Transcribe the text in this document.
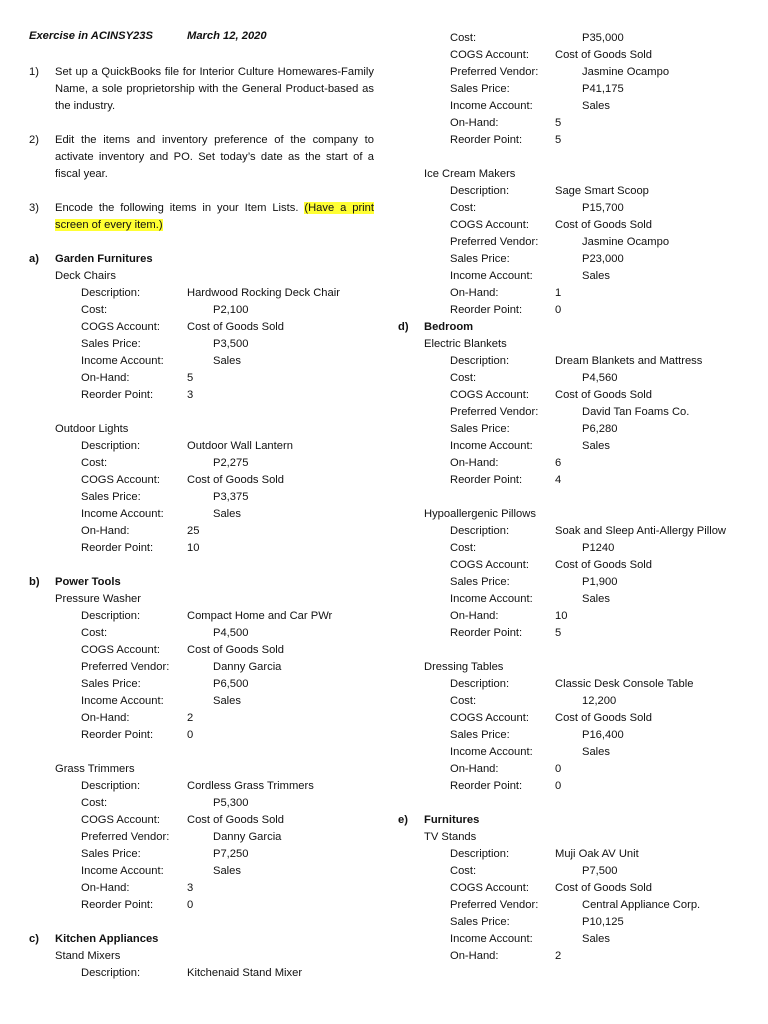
Exercise in ACINSY23S	March 12, 2020
1) Set up a QuickBooks file for Interior Culture Homewares-Family Name, a sole proprietorship with the General Product-based as the industry.
2) Edit the items and inventory preference of the company to activate inventory and PO. Set today’s date as the start of a fiscal year.
3) Encode the following items in your Item Lists. (Have a print screen of every item.)
a) Garden Furnitures
Deck Chairs
Description:	Hardwood Rocking Deck Chair
Cost:	P2,100
COGS Account: Cost of Goods Sold
Sales Price:	P3,500
Income Account:	Sales
On-Hand:	5
Reorder Point:	3
Outdoor Lights
Description:	Outdoor Wall Lantern
Cost:	P2,275
COGS Account: Cost of Goods Sold
Sales Price:	P3,375
Income Account:	Sales
On-Hand:	25
Reorder Point:	10
b) Power Tools
Pressure Washer
Description:	Compact Home and Car PWr
Cost:	P4,500
COGS Account: Cost of Goods Sold
Preferred Vendor:	Danny Garcia
Sales Price:	P6,500
Income Account:	Sales
On-Hand:	2
Reorder Point:	0
Grass Trimmers
Description:	Cordless Grass Trimmers
Cost:	P5,300
COGS Account: Cost of Goods Sold
Preferred Vendor:	Danny Garcia
Sales Price:	P7,250
Income Account:	Sales
On-Hand:	3
Reorder Point:	0
c) Kitchen Appliances
Stand Mixers
Description:	Kitchenaid Stand Mixer
Cost:	P35,000
COGS Account: Cost of Goods Sold
Preferred Vendor:	Jasmine Ocampo
Sales Price:	P41,175
Income Account:	Sales
On-Hand:	5
Reorder Point:	5
Ice Cream Makers
Description:	Sage Smart Scoop
Cost:	P15,700
COGS Account: Cost of Goods Sold
Preferred Vendor:	Jasmine Ocampo
Sales Price:	P23,000
Income Account:	Sales
On-Hand:	1
Reorder Point:	0
d) Bedroom
Electric Blankets
Description:	Dream Blankets and Mattress
Cost:	P4,560
COGS Account: Cost of Goods Sold
Preferred Vendor:	David Tan Foams Co.
Sales Price:	P6,280
Income Account:	Sales
On-Hand:	6
Reorder Point:	4
Hypoallergenic Pillows
Description:	Soak and Sleep Anti-Allergy Pillow
Cost:	P1240
COGS Account: Cost of Goods Sold
Sales Price:	P1,900
Income Account:	Sales
On-Hand:	10
Reorder Point:	5
Dressing Tables
Description:	Classic Desk Console Table
Cost:	12,200
COGS Account: Cost of Goods Sold
Sales Price:	P16,400
Income Account:	Sales
On-Hand:	0
Reorder Point:	0
e) Furnitures
TV Stands
Description:	Muji Oak AV Unit
Cost:	P7,500
COGS Account: Cost of Goods Sold
Preferred Vendor:	Central Appliance Corp.
Sales Price:	P10,125
Income Account:	Sales
On-Hand:	2
